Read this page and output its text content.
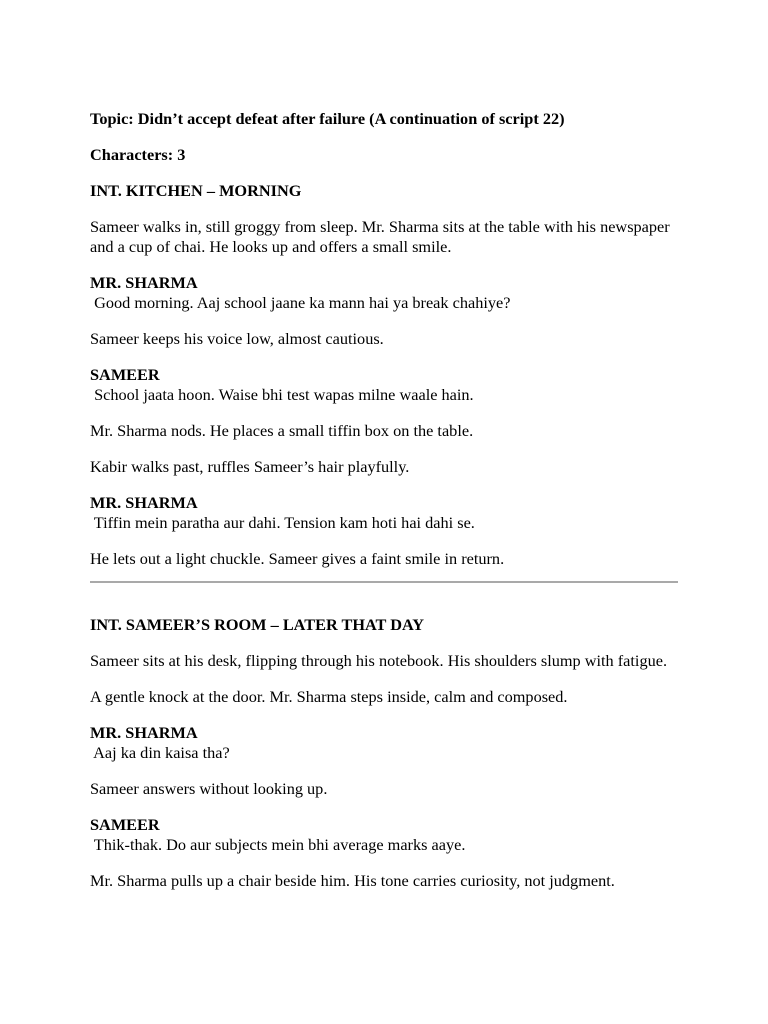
Topic: Didn’t accept defeat after failure (A continuation of script 22)

Characters: 3

INT. KITCHEN – MORNING

Sameer walks in, still groggy from sleep. Mr. Sharma sits at the table with his newspaper and a cup of chai. He looks up and offers a small smile.

MR. SHARMA
Good morning. Aaj school jaane ka mann hai ya break chahiye?

Sameer keeps his voice low, almost cautious.

SAMEER
School jaata hoon. Waise bhi test wapas milne waale hain.

Mr. Sharma nods. He places a small tiffin box on the table.

Kabir walks past, ruffles Sameer’s hair playfully.

MR. SHARMA
Tiffin mein paratha aur dahi. Tension kam hoti hai dahi se.

He lets out a light chuckle. Sameer gives a faint smile in return.

INT. SAMEER’S ROOM – LATER THAT DAY

Sameer sits at his desk, flipping through his notebook. His shoulders slump with fatigue.

A gentle knock at the door. Mr. Sharma steps inside, calm and composed.

MR. SHARMA
Aaj ka din kaisa tha?

Sameer answers without looking up.

SAMEER
Thik-thak. Do aur subjects mein bhi average marks aaye.

Mr. Sharma pulls up a chair beside him. His tone carries curiosity, not judgment.
